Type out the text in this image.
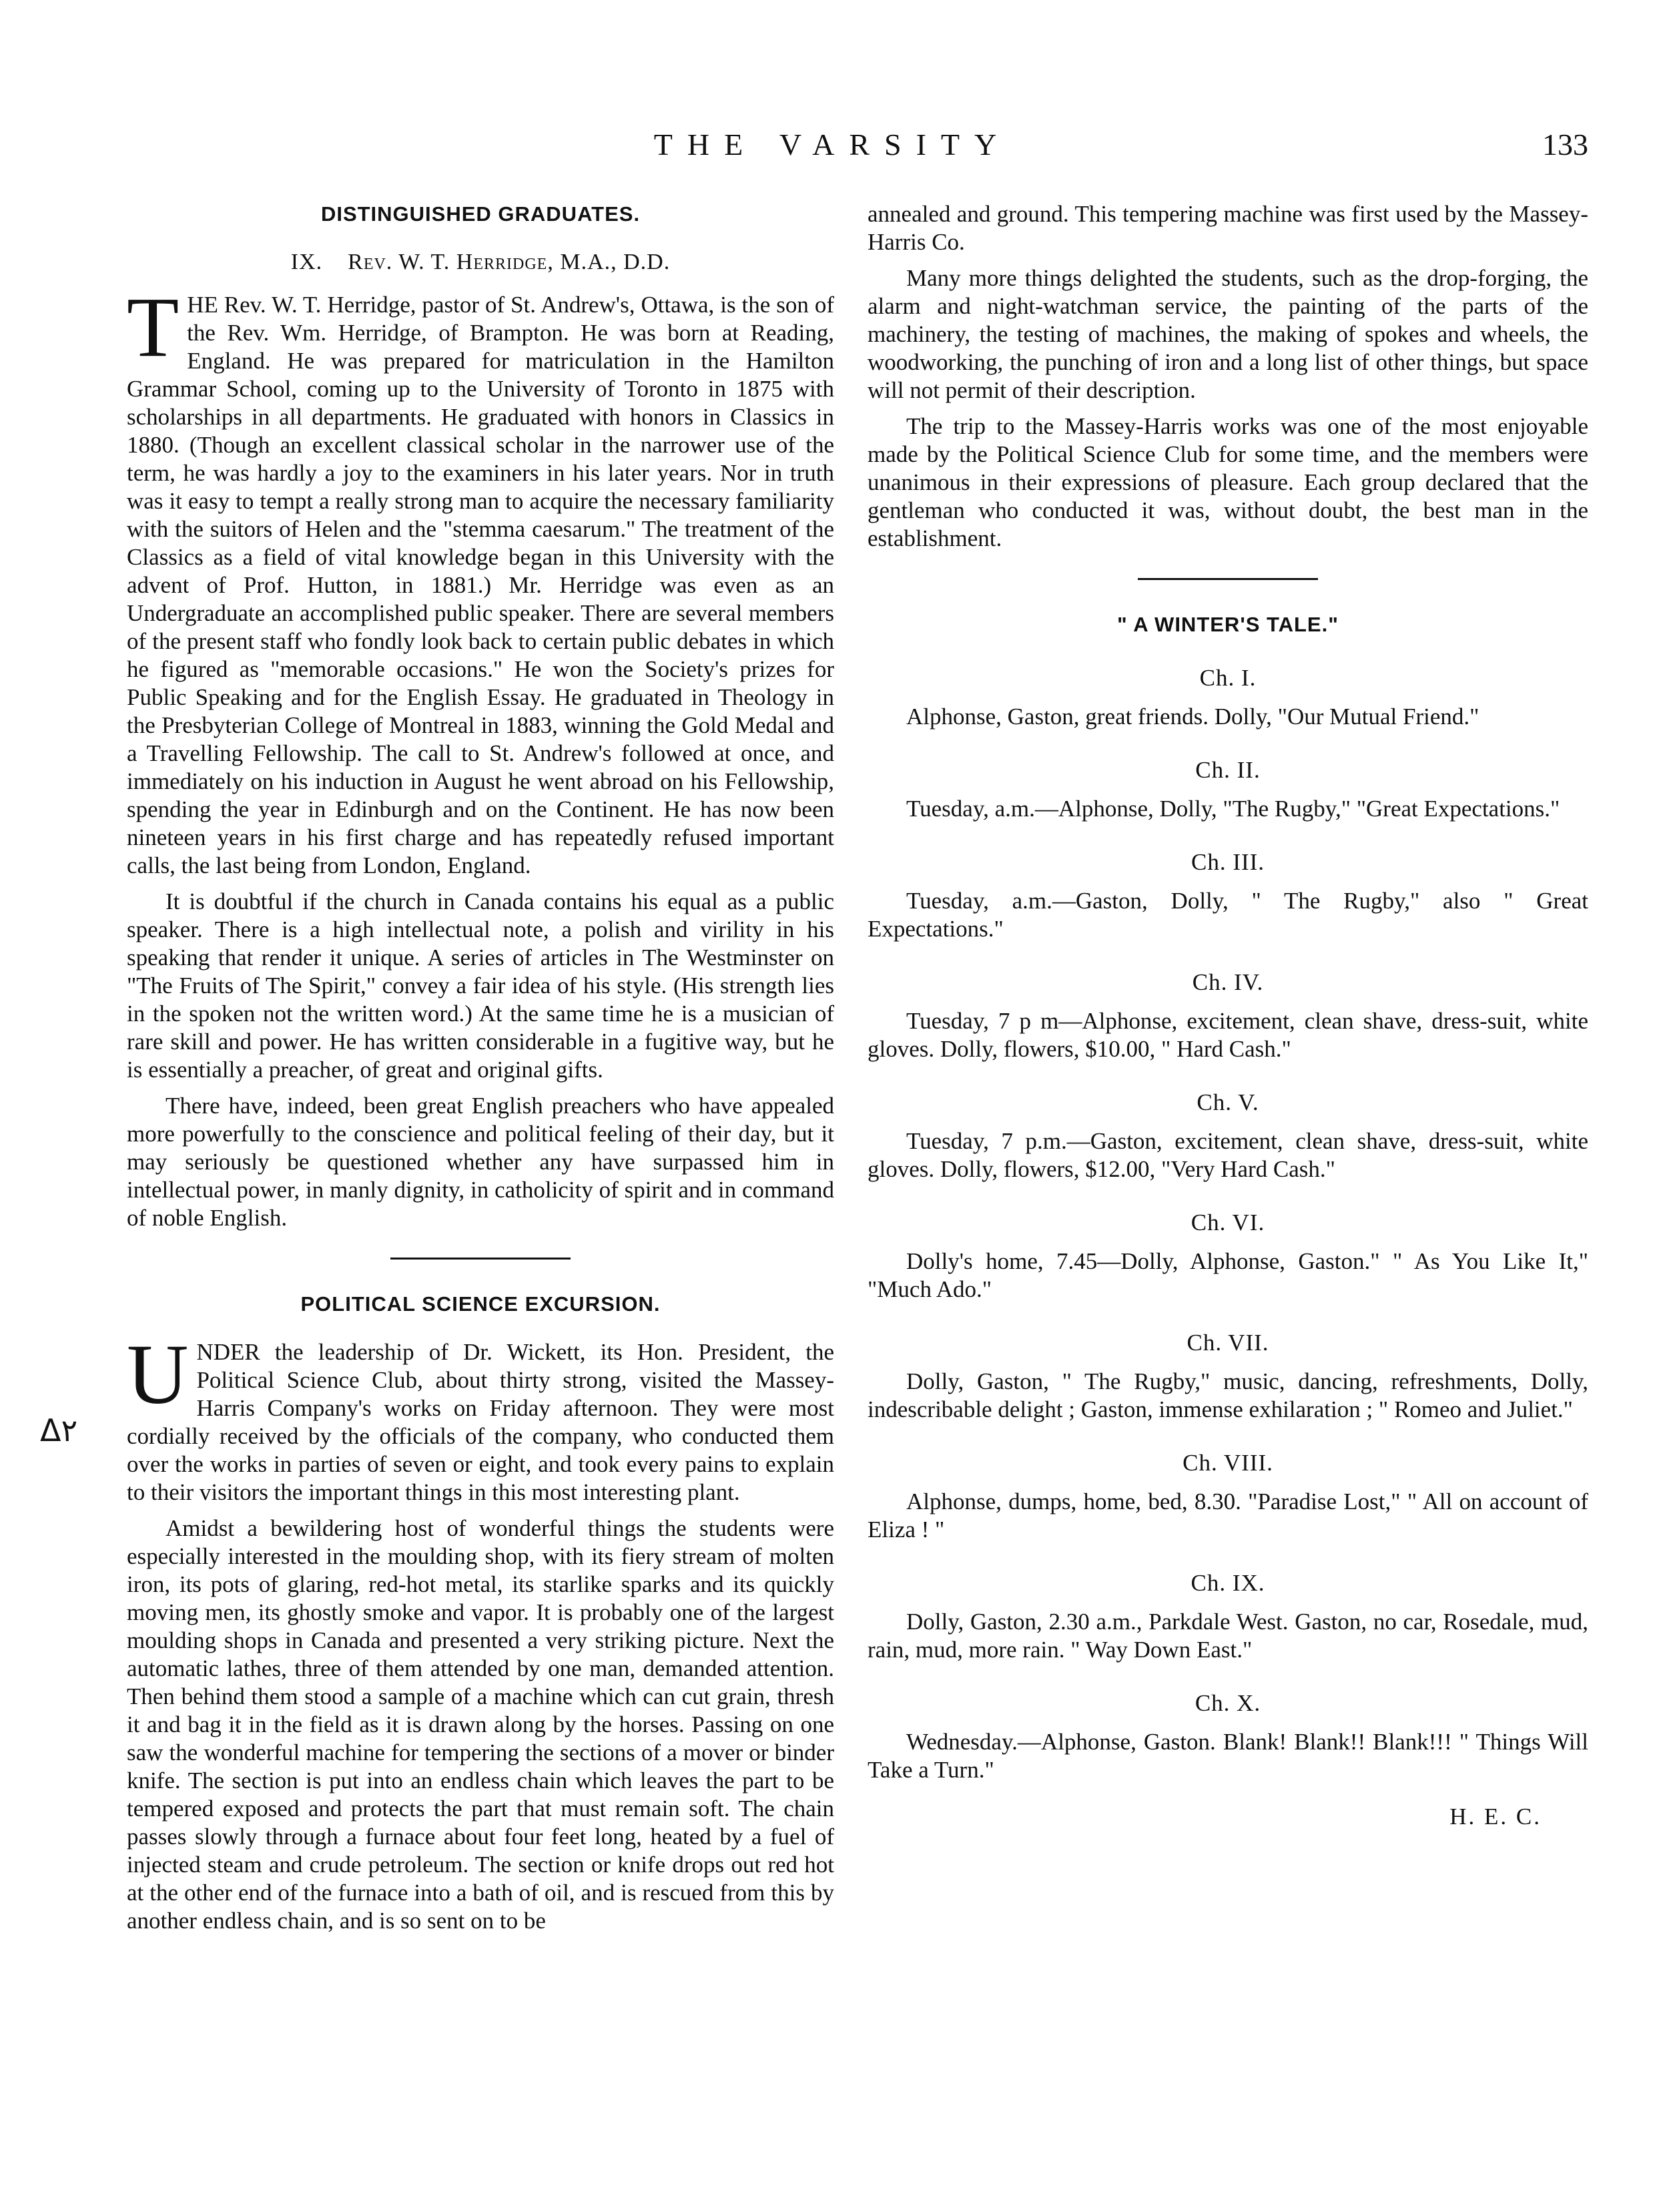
THE VARSITY	133
Δ۲
DISTINGUISHED GRADUATES.
IX. Rev. W. T. Herridge, M.A., D.D.

THE Rev. W. T. Herridge, pastor of St. Andrew's, Ottawa, is the son of the Rev. Wm. Herridge, of Brampton. He was born at Reading, England. He was prepared for matriculation in the Hamilton Grammar School, coming up to the University of Toronto in 1875 with scholarships in all departments. He graduated with honors in Classics in 1880. (Though an excellent classical scholar in the narrower use of the term, he was hardly a joy to the examiners in his later years. Nor in truth was it easy to tempt a really strong man to acquire the necessary familiarity with the suitors of Helen and the "stemma caesarum." The treatment of the Classics as a field of vital knowledge began in this University with the advent of Prof. Hutton, in 1881.) Mr. Herridge was even as an Undergraduate an accomplished public speaker. There are several members of the present staff who fondly look back to certain public debates in which he figured as "memorable occasions." He won the Society's prizes for Public Speaking and for the English Essay. He graduated in Theology in the Presbyterian College of Montreal in 1883, winning the Gold Medal and a Travelling Fellowship. The call to St. Andrew's followed at once, and immediately on his induction in August he went abroad on his Fellowship, spending the year in Edinburgh and on the Continent. He has now been nineteen years in his first charge and has repeatedly refused important calls, the last being from London, England.

It is doubtful if the church in Canada contains his equal as a public speaker. There is a high intellectual note, a polish and virility in his speaking that render it unique. A series of articles in The Westminster on "The Fruits of The Spirit," convey a fair idea of his style. (His strength lies in the spoken not the written word.) At the same time he is a musician of rare skill and power. He has written considerable in a fugitive way, but he is essentially a preacher, of great and original gifts.

There have, indeed, been great English preachers who have appealed more powerfully to the conscience and political feeling of their day, but it may seriously be questioned whether any have surpassed him in intellectual power, in manly dignity, in catholicity of spirit and in command of noble English.

POLITICAL SCIENCE EXCURSION.

UNDER the leadership of Dr. Wickett, its Hon. President, the Political Science Club, about thirty strong, visited the Massey-Harris Company's works on Friday afternoon. They were most cordially received by the officials of the company, who conducted them over the works in parties of seven or eight, and took every pains to explain to their visitors the important things in this most interesting plant.

Amidst a bewildering host of wonderful things the students were especially interested in the moulding shop, with its fiery stream of molten iron, its pots of glaring, red-hot metal, its starlike sparks and its quickly moving men, its ghostly smoke and vapor. It is probably one of the largest moulding shops in Canada and presented a very striking picture. Next the automatic lathes, three of them attended by one man, demanded attention. Then behind them stood a sample of a machine which can cut grain, thresh it and bag it in the field as it is drawn along by the horses. Passing on one saw the wonderful machine for tempering the sections of a mover or binder knife. The section is put into an endless chain which leaves the part to be tempered exposed and protects the part that must remain soft. The chain passes slowly through a furnace about four feet long, heated by a fuel of injected steam and crude petroleum. The section or knife drops out red hot at the other end of the furnace into a bath of oil, and is rescued from this by another endless chain, and is so sent on to be

annealed and ground. This tempering machine was first used by the Massey-Harris Co.

Many more things delighted the students, such as the drop-forging, the alarm and night-watchman service, the painting of the parts of the machinery, the testing of machines, the making of spokes and wheels, the woodworking, the punching of iron and a long list of other things, but space will not permit of their description.

The trip to the Massey-Harris works was one of the most enjoyable made by the Political Science Club for some time, and the members were unanimous in their expressions of pleasure. Each group declared that the gentleman who conducted it was, without doubt, the best man in the establishment.

" A WINTER'S TALE."
Ch. I.

Alphonse, Gaston, great friends. Dolly, "Our Mutual Friend."

Ch. II.

Tuesday, a.m.—Alphonse, Dolly, "The Rugby," "Great Expectations."

Ch. III.

Tuesday, a.m.—Gaston, Dolly, " The Rugby," also " Great Expectations."

Ch. IV.

Tuesday, 7 p m—Alphonse, excitement, clean shave, dress-suit, white gloves. Dolly, flowers, $10.00, " Hard Cash."

Ch. V.

Tuesday, 7 p.m.—Gaston, excitement, clean shave, dress-suit, white gloves. Dolly, flowers, $12.00, "Very Hard Cash."

Ch. VI.

Dolly's home, 7.45—Dolly, Alphonse, Gaston." " As You Like It," "Much Ado."

Ch. VII.

Dolly, Gaston, " The Rugby," music, dancing, refreshments, Dolly, indescribable delight ; Gaston, immense exhilaration ; " Romeo and Juliet."

Ch. VIII.

Alphonse, dumps, home, bed, 8.30. "Paradise Lost," " All on account of Eliza ! "

Ch. IX.

Dolly, Gaston, 2.30 a.m., Parkdale West. Gaston, no car, Rosedale, mud, rain, mud, more rain. " Way Down East."

Ch. X.

Wednesday.—Alphonse, Gaston. Blank! Blank!! Blank!!! " Things Will Take a Turn."

H. E. C.
